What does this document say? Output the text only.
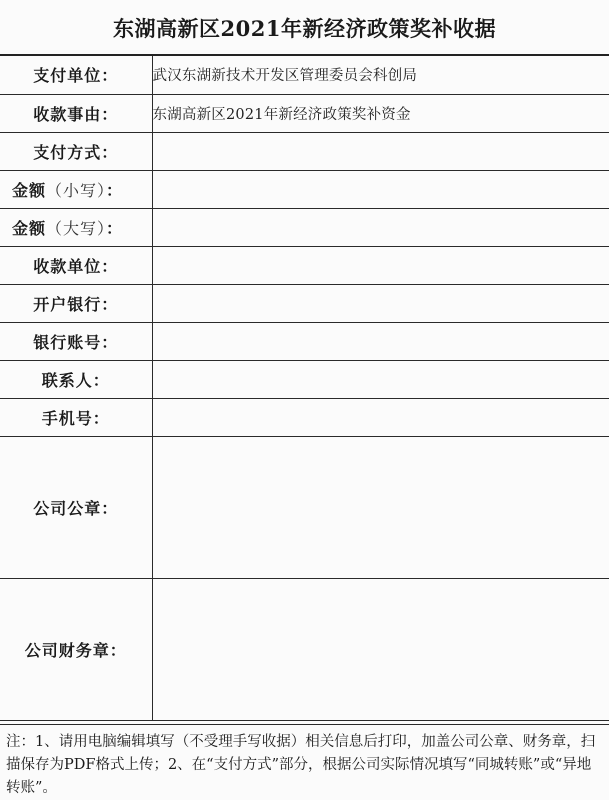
东湖高新区2021年新经济政策奖补收据
支付单位：	武汉东湖新技术开发区管理委员会科创局
收款事由：	东湖高新区2021年新经济政策奖补资金
支付方式：	
金额（小写）：	
金额（大写）：	
收款单位：	
开户银行：	
银行账号：	
联系人：	
手机号：	
公司公章：	
公司财务章：	
注：1、请用电脑编辑填写（不受理手写收据）相关信息后打印，加盖公司公章、财务章，扫描保存为PDF格式上传；2、在“支付方式”部分，根据公司实际情况填写“同城转账”或“异地转账”。
